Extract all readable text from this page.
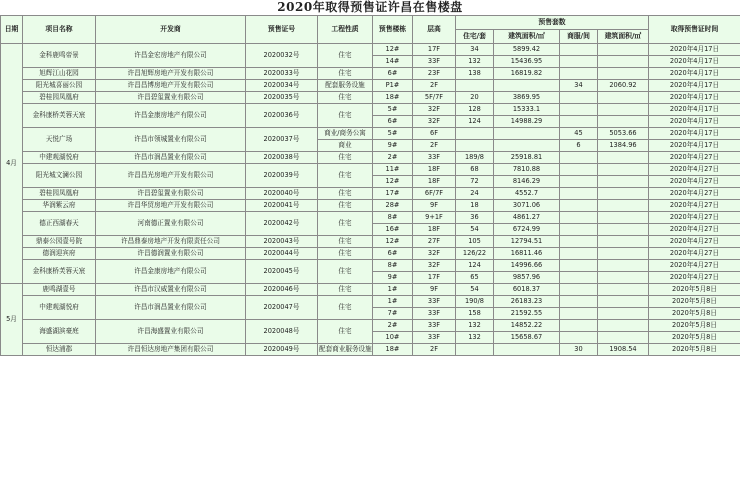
2020年取得预售证许昌在售楼盘
日期	项目名称	开发商	预售证号	工程性质	预售楼栋	层高	预售套数				取得预售证时间
							住宅/套	建筑面积/㎡	商服/间	建筑面积/㎡	
4月	金科鹿鸣帝景	许昌金宏房地产有限公司	2020032号	住宅	12#	17F	34	5899.42			2020年4月17日
					14#	33F	132	15436.95			2020年4月17日
	旭辉江山花园	许昌旭辉房地产开发有限公司	2020033号	住宅	6#	23F	138	16819.82			2020年4月17日
	阳光城喜丽公园	许昌昌博房地产开发有限公司	2020034号	配套服务设施	P1#	2F			34	2060.92	2020年4月17日
	碧桂园凤凰府	许昌碧玺置业有限公司	2020035号	住宅	18#	5F/7F	20	3869.95			2020年4月17日
	金科康桥芙蓉天宸	许昌金康房地产有限公司	2020036号	住宅	5#	32F	128	15333.1			2020年4月17日
					6#	32F	124	14988.29			2020年4月17日
	天悦广场	许昌市领城置业有限公司	2020037号	商业/商务公寓	5#	6F			45	5053.66	2020年4月17日
				商业	9#	2F			6	1384.96	2020年4月17日
	中建观湖悦府	许昌市润昌置业有限公司	2020038号	住宅	2#	33F	189/8	25918.81			2020年4月27日
	阳光城文澜公园	许昌昌光房地产开发有限公司	2020039号	住宅	11#	18F	68	7810.88			2020年4月27日
					12#	18F	72	8146.29			2020年4月27日
	碧桂园凤凰府	许昌碧玺置业有限公司	2020040号	住宅	17#	6F/7F	24	4552.7			2020年4月27日
	华润紫云府	许昌华贸房地产开发有限公司	2020041号	住宅	28#	9F	18	3071.06			2020年4月27日
	德正西湖春天	河南德正置业有限公司	2020042号	住宅	8#	9+1F	36	4861.27			2020年4月27日
					16#	18F	54	6724.99			2020年4月27日
	鼎泰公园壹号院	许昌鼎泰房地产开发有限责任公司	2020043号	住宅	12#	27F	105	12794.51			2020年4月27日
	德润迎宾府	许昌德润置业有限公司	2020044号	住宅	6#	32F	126/22	16811.46			2020年4月27日
	金科康桥芙蓉天宸	许昌金康房地产有限公司	2020045号	住宅	8#	32F	124	14996.66			2020年4月27日
					9#	17F	65	9857.96			2020年4月27日
5月	鹿鸣湖壹号	许昌市汉威置业有限公司	2020046号	住宅	1#	9F	54	6018.37			2020年5月8日
	中建观湖悦府	许昌市润昌置业有限公司	2020047号	住宅	1#	33F	190/8	26183.23			2020年5月8日
					7#	33F	158	21592.55			2020年5月8日
	海盛湖滨豪庭	许昌海盛置业有限公司	2020048号	住宅	2#	33F	132	14852.22			2020年5月8日
					10#	33F	132	15658.67			2020年5月8日
	恒达浦郡	许昌恒达房地产集团有限公司	2020049号	配套商业服务设施	18#	2F			30	1908.54	2020年5月8日
